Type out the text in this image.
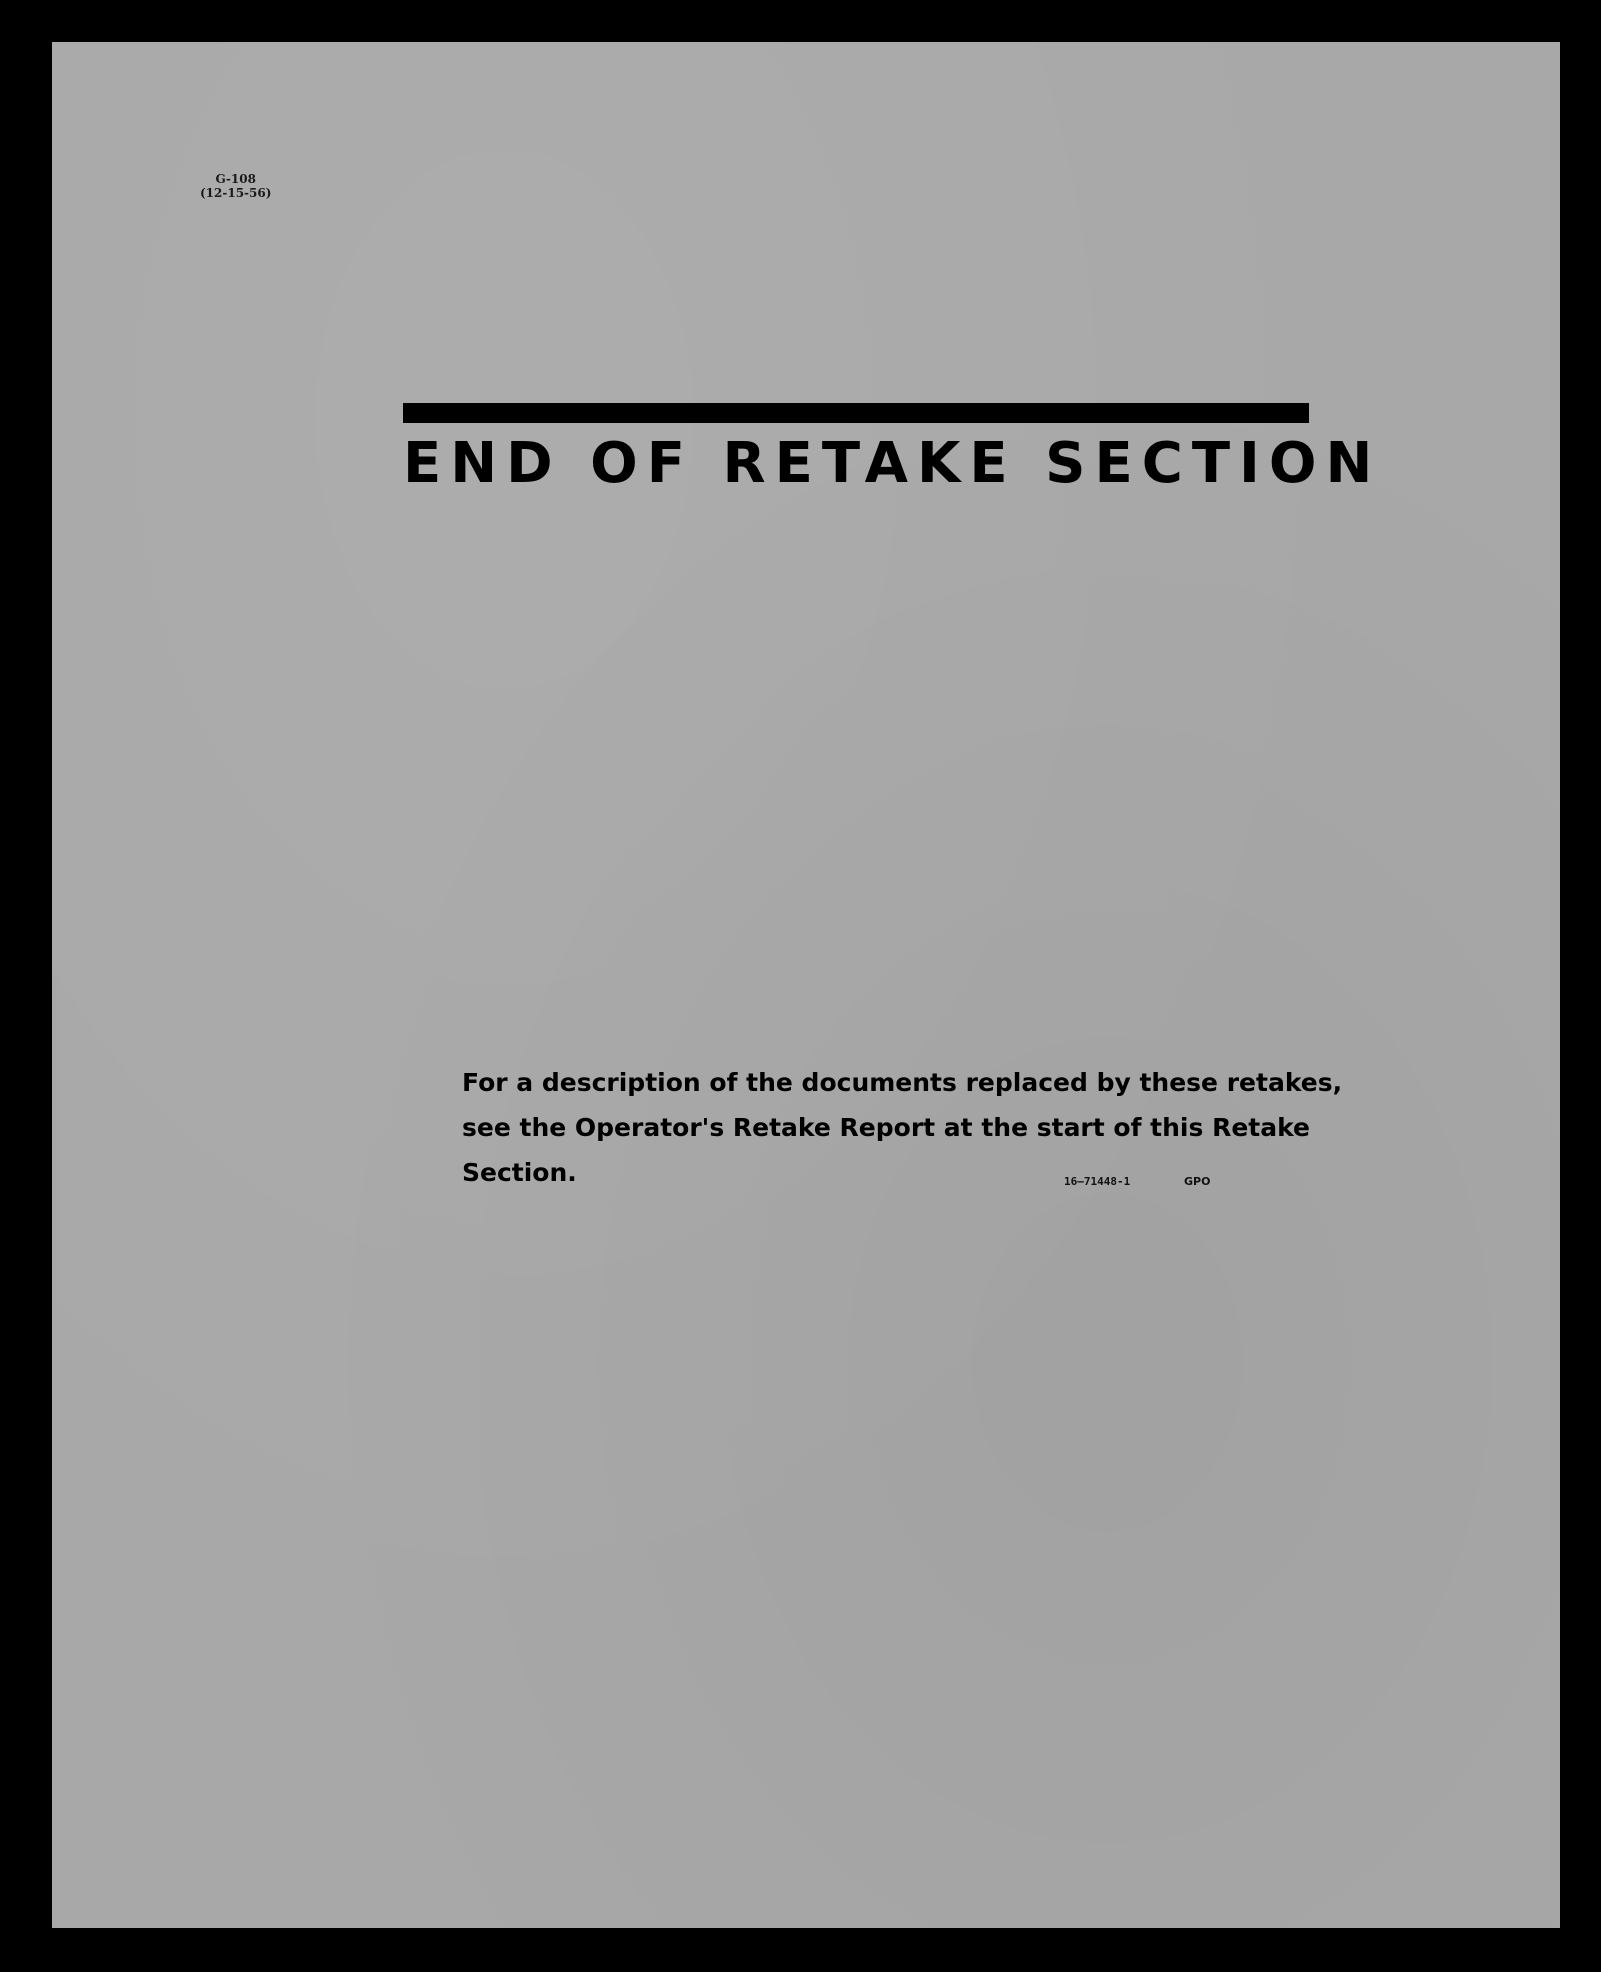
G-108
(12-15-56)
END OF RETAKE SECTION

For a description of the documents replaced by these retakes,
see the Operator's Retake Report at the start of this Retake
Section.	16—71448-1	GPO
